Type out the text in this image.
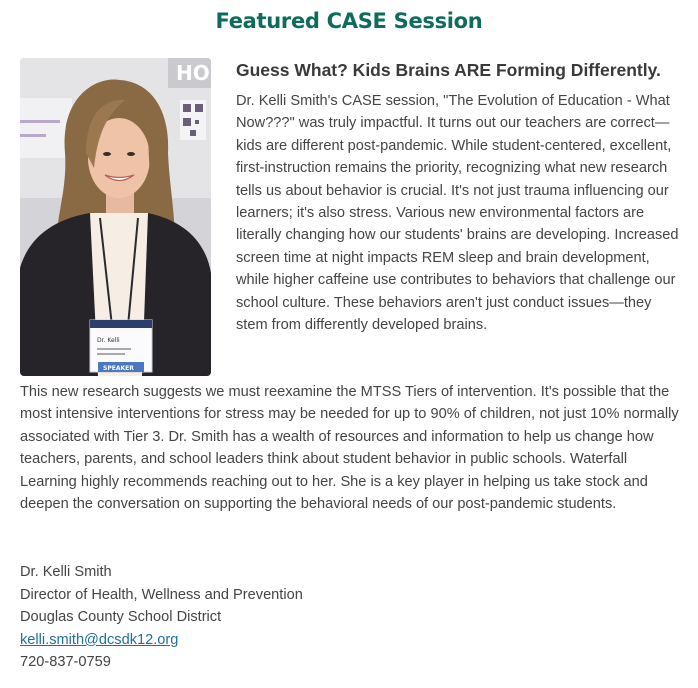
Featured CASE Session
HO
Dr. Kelli
SPEAKER
Guess What? Kids Brains ARE Forming Differently.
Dr. Kelli Smith's CASE session, "The Evolution of Education - What Now???" was truly impactful. It turns out our teachers are correct—kids are different post-pandemic. While student-centered, excellent, first-instruction remains the priority, recognizing what new research tells us about behavior is crucial. It's not just trauma influencing our learners; it's also stress. Various new environmental factors are literally changing how our students' brains are developing. Increased screen time at night impacts REM sleep and brain development, while higher caffeine use contributes to behaviors that challenge our school culture. These behaviors aren't just conduct issues—they stem from differently developed brains.
This new research suggests we must reexamine the MTSS Tiers of intervention. It's possible that the most intensive interventions for stress may be needed for up to 90% of children, not just 10% normally associated with Tier 3. Dr. Smith has a wealth of resources and information to help us change how teachers, parents, and school leaders think about student behavior in public schools. Waterfall Learning highly recommends reaching out to her. She is a key player in helping us take stock and deepen the conversation on supporting the behavioral needs of our post-pandemic students.
Dr. Kelli Smith
Director of Health, Wellness and Prevention
Douglas County School District
kelli.smith@dcsdk12.org
720-837-0759
